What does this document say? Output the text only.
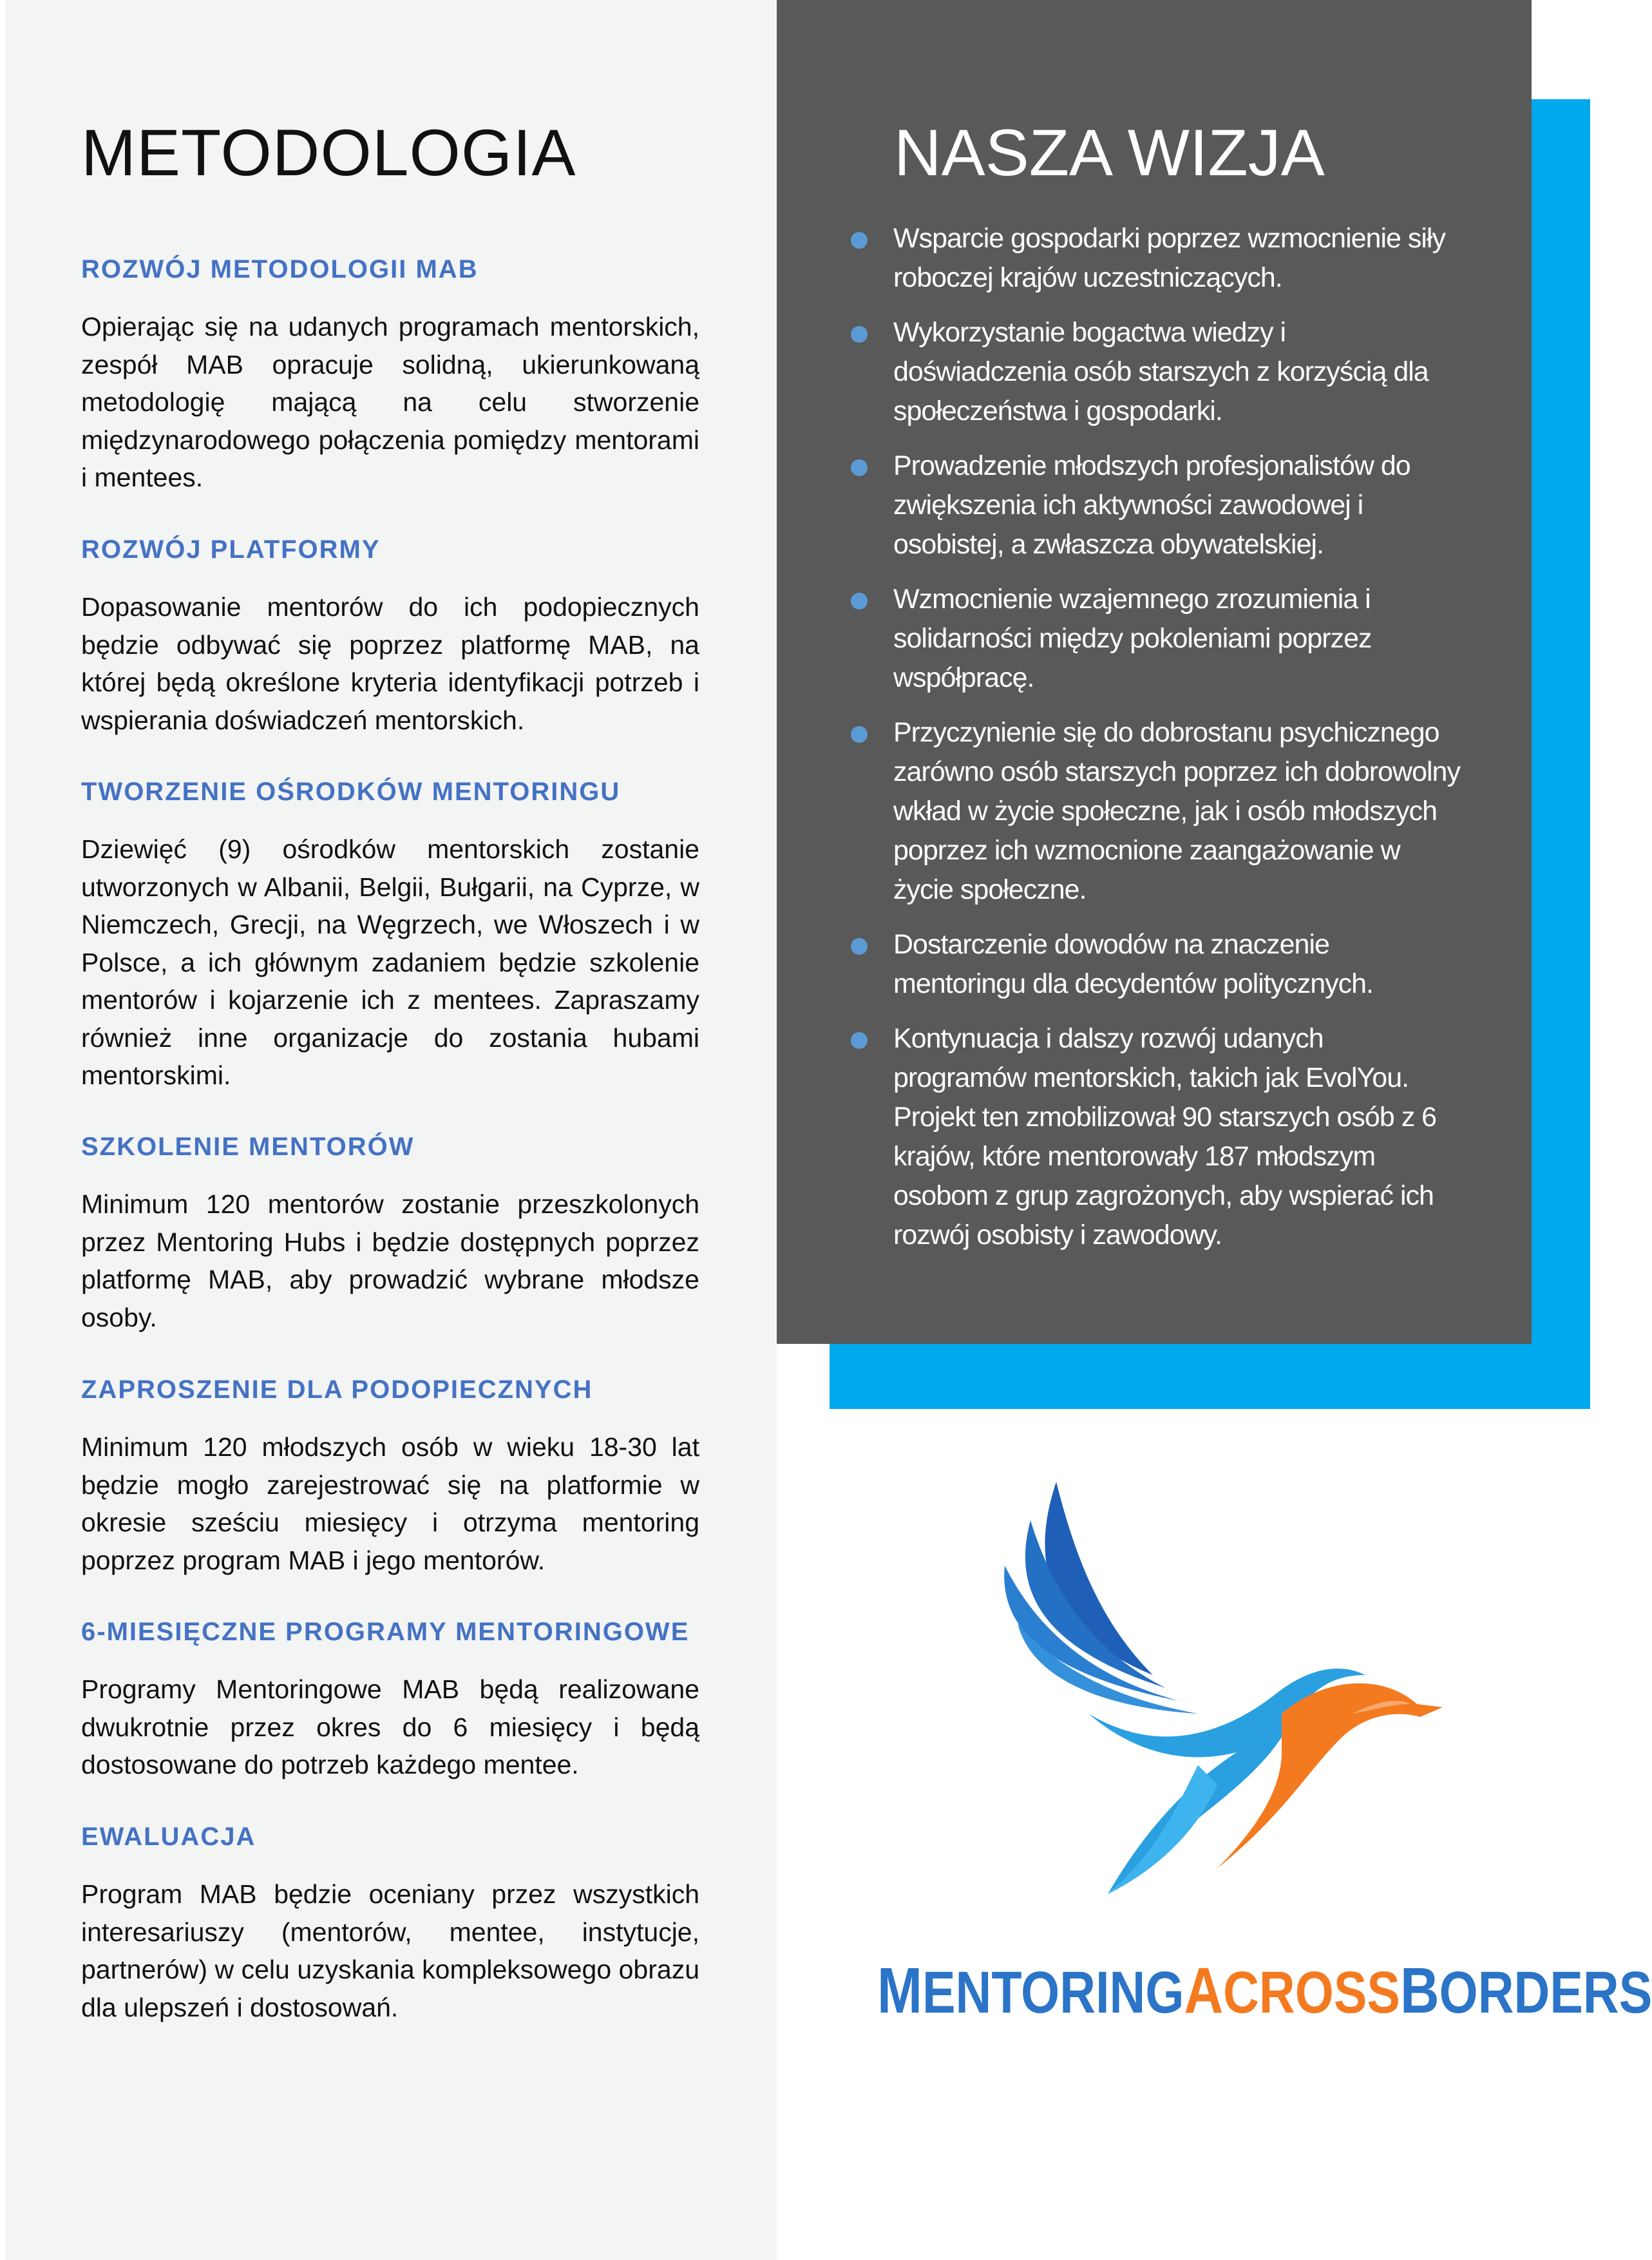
METODOLOGIA
ROZWÓJ METODOLOGII MAB

Opierając się na udanych programach mentorskich, zespół MAB opracuje solidną, ukierunkowaną metodologię mającą na celu stworzenie międzynarodowego połączenia pomiędzy mentorami i mentees.

ROZWÓJ PLATFORMY

Dopasowanie mentorów do ich podopiecznych będzie odbywać się poprzez platformę MAB, na której będą określone kryteria identyfikacji potrzeb i wspierania doświadczeń mentorskich.

TWORZENIE OŚRODKÓW MENTORINGU

Dziewięć (9) ośrodków mentorskich zostanie utworzonych w Albanii, Belgii, Bułgarii, na Cyprze, w Niemczech, Grecji, na Węgrzech, we Włoszech i w Polsce, a ich głównym zadaniem będzie szkolenie mentorów i kojarzenie ich z mentees. Zapraszamy również inne organizacje do zostania hubami mentorskimi.

SZKOLENIE MENTORÓW

Minimum 120 mentorów zostanie przeszkolonych przez Mentoring Hubs i będzie dostępnych poprzez platformę MAB, aby prowadzić wybrane młodsze osoby.

ZAPROSZENIE DLA PODOPIECZNYCH

Minimum 120 młodszych osób w wieku 18-30 lat będzie mogło zarejestrować się na platformie w okresie sześciu miesięcy i otrzyma mentoring poprzez program MAB i jego mentorów.

6-MIESIĘCZNE PROGRAMY MENTORINGOWE

Programy Mentoringowe MAB będą realizowane dwukrotnie przez okres do 6 miesięcy i będą dostosowane do potrzeb każdego mentee.

EWALUACJA

Program MAB będzie oceniany przez wszystkich interesariuszy (mentorów, mentee, instytucje, partnerów) w celu uzyskania kompleksowego obrazu dla ulepszeń i dostosowań.

NASZA WIZJA
Wsparcie gospodarki poprzez wzmocnienie siły roboczej krajów uczestniczących.
Wykorzystanie bogactwa wiedzy i doświadczenia osób starszych z korzyścią dla społeczeństwa i gospodarki.
Prowadzenie młodszych profesjonalistów do zwiększenia ich aktywności zawodowej i osobistej, a zwłaszcza obywatelskiej.
Wzmocnienie wzajemnego zrozumienia i solidarności między pokoleniami poprzez współpracę.
Przyczynienie się do dobrostanu psychicznego zarówno osób starszych poprzez ich dobrowolny wkład w życie społeczne, jak i osób młodszych poprzez ich wzmocnione zaangażowanie w życie społeczne.
Dostarczenie dowodów na znaczenie mentoringu dla decydentów politycznych.
Kontynuacja i dalszy rozwój udanych programów mentorskich, takich jak EvolYou. Projekt ten zmobilizował 90 starszych osób z 6 krajów, które mentorowały 187 młodszym osobom z grup zagrożonych, aby wspierać ich rozwój osobisty i zawodowy.
MENTORINGACROSSBORDERS
